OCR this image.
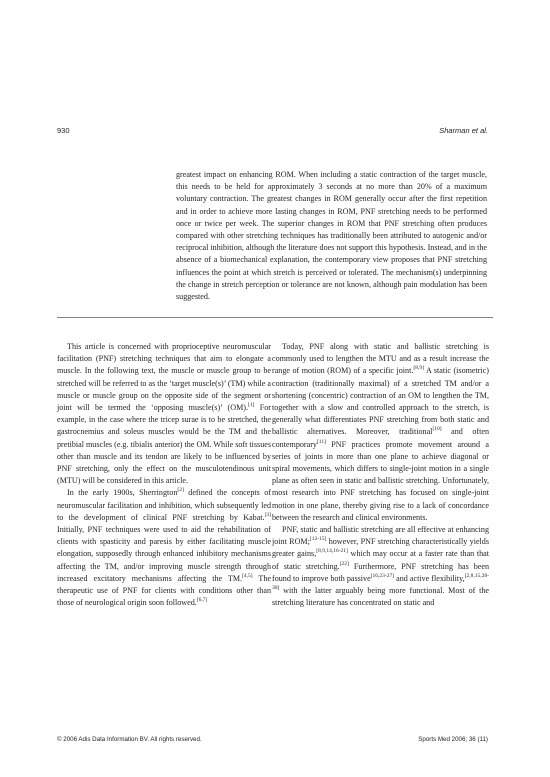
930	Sharman et al.
greatest impact on enhancing ROM. When including a static contraction of the target muscle, this needs to be held for approximately 3 seconds at no more than 20% of a maximum voluntary contraction. The greatest changes in ROM generally occur after the first repetition and in order to achieve more lasting changes in ROM, PNF stretching needs to be performed once or twice per week. The superior changes in ROM that PNF stretching often produces compared with other stretching techniques has traditionally been attributed to autogenic and/or reciprocal inhibition, although the literature does not support this hypothesis. Instead, and in the absence of a biomechanical explanation, the contemporary view proposes that PNF stretching influences the point at which stretch is perceived or tolerated. The mechanism(s) underpinning the change in stretch perception or tolerance are not known, although pain modulation has been suggested.

This article is concerned with proprioceptive neuromuscular facilitation (PNF) stretching techniques that aim to elongate a muscle. In the following text, the muscle or muscle group to be stretched will be referred to as the ‘target muscle(s)’ (TM) while a muscle or muscle group on the opposite side of the segment or joint will be termed the ‘opposing muscle(s)’ (OM).[1] For example, in the case where the tricep surae is to be stretched, the gastrocnemius and soleus muscles would be the TM and the pretibial muscles (e.g. tibialis anterior) the OM. While soft tissues other than muscle and its tendon are likely to be influenced by PNF stretching, only the effect on the musculotendinous unit (MTU) will be considered in this article.

In the early 1900s, Sherrington[2] defined the concepts of neuromuscular facilitation and inhibition, which subsequently led to the development of clinical PNF stretching by Kabat.[3] Initially, PNF techniques were used to aid the rehabilitation of clients with spasticity and paresis by either facilitating muscle elongation, supposedly through enhanced inhibitory mechanisms affecting the TM, and/or improving muscle strength through increased excitatory mechanisms affecting the TM.[4,5] The therapeutic use of PNF for clients with conditions other than those of neurological origin soon followed.[6,7]

Today, PNF along with static and ballistic stretching is commonly used to lengthen the MTU and as a result increase the range of motion (ROM) of a specific joint.[8,9] A static (isometric) contraction (traditionally maximal) of a stretched TM and/or a shortening (concentric) contraction of an OM to lengthen the TM, together with a slow and controlled approach to the stretch, is generally what differentiates PNF stretching from both static and ballistic alternatives. Moreover, traditional[10] and often contemporary[11] PNF practices promote movement around a series of joints in more than one plane to achieve diagonal or spiral movements, which differs to single-joint motion in a single plane as often seen in static and ballistic stretching. Unfortunately, most research into PNF stretching has focused on single-joint motion in one plane, thereby giving rise to a lack of concordance between the research and clinical environments.

PNF, static and ballistic stretching are all effective at enhancing joint ROM;[12-15] however, PNF stretching characteristically yields greater gains,[8,9,14,16-21] which may occur at a faster rate than that of static stretching.[22] Furthermore, PNF stretching has been found to improve both passive[16,23-27] and active flexibility,[2,8,15,28-30] with the latter arguably being more functional. Most of the stretching literature has concentrated on static and

© 2006 Adis Data Information BV. All rights reserved.	Sports Med 2006; 36 (11)
